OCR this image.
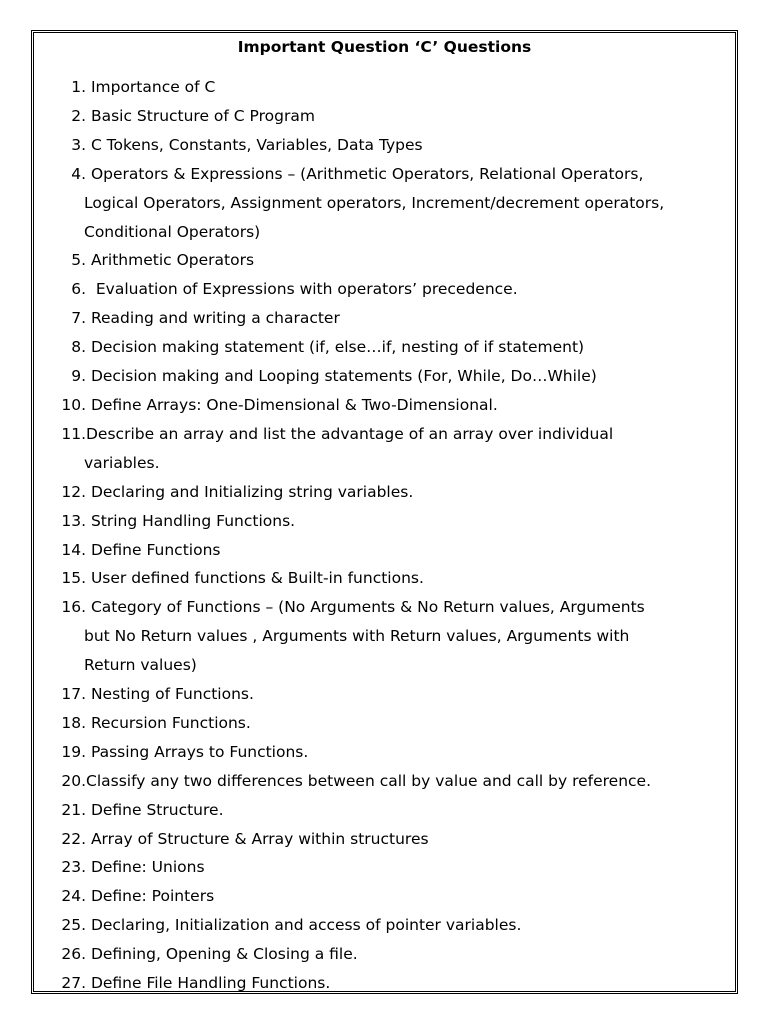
Important Question ‘C’ Questions
1. Importance of C
2. Basic Structure of C Program
3. C Tokens, Constants, Variables, Data Types
4. Operators & Expressions – (Arithmetic Operators, Relational Operators,
Logical Operators, Assignment operators, Increment/decrement operators,
Conditional Operators)
5. Arithmetic Operators
6. Evaluation of Expressions with operators’ precedence.
7. Reading and writing a character
8. Decision making statement (if, else…if, nesting of if statement)
9. Decision making and Looping statements (For, While, Do…While)
10. Define Arrays: One-Dimensional & Two-Dimensional.
11.Describe an array and list the advantage of an array over individual
variables.
12. Declaring and Initializing string variables.
13. String Handling Functions.
14. Define Functions
15. User defined functions & Built-in functions.
16. Category of Functions – (No Arguments & No Return values, Arguments
but No Return values , Arguments with Return values, Arguments with
Return values)
17. Nesting of Functions.
18. Recursion Functions.
19. Passing Arrays to Functions.
20.Classify any two differences between call by value and call by reference.
21. Define Structure.
22. Array of Structure & Array within structures
23. Define: Unions
24. Define: Pointers
25. Declaring, Initialization and access of pointer variables.
26. Defining, Opening & Closing a file.
27. Define File Handling Functions.
